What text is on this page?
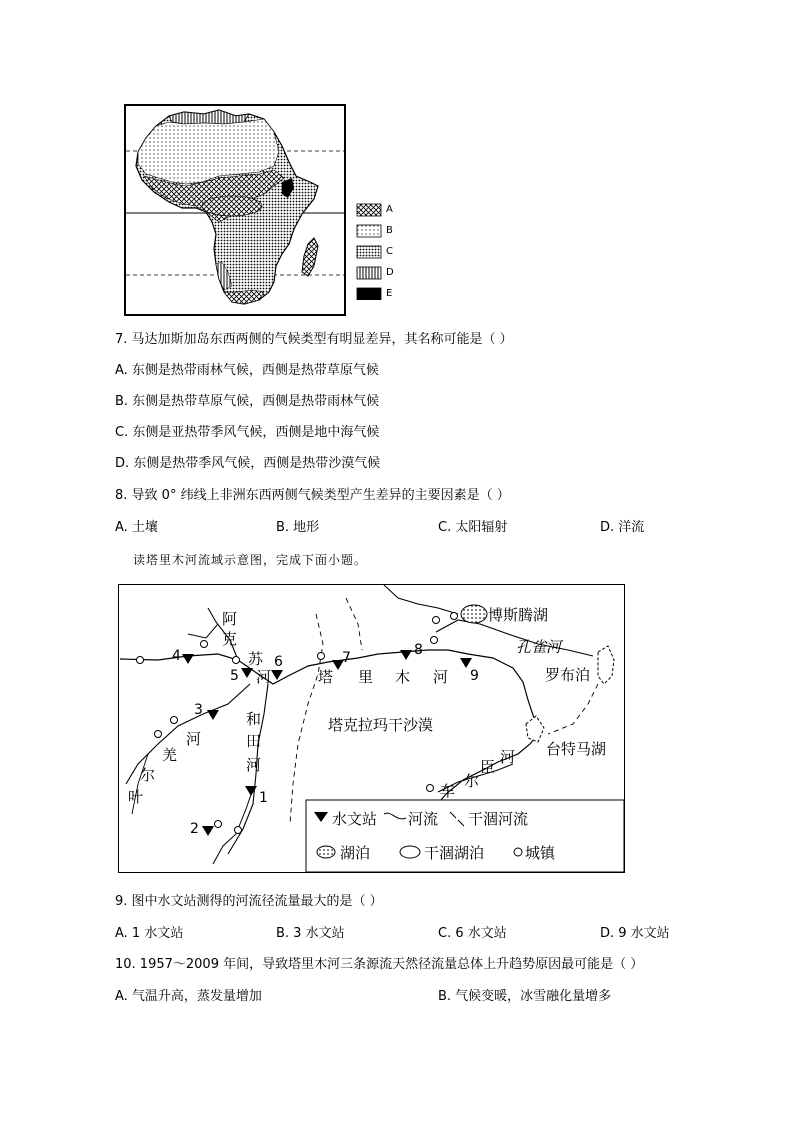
A
B
C
D
E
7. 马达加斯加岛东西两侧的气候类型有明显差异，其名称可能是（ ）
A. 东侧是热带雨林气候，西侧是热带草原气候
B. 东侧是热带草原气候，西侧是热带雨林气候
C. 东侧是亚热带季风气候，西侧是地中海气候
D. 东侧是热带季风气候，西侧是热带沙漠气候
8. 导致 0° 纬线上非洲东西两侧气候类型产生差异的主要因素是（ ）
A. 土壤	B. 地形	C. 太阳辐射	D. 洋流
读塔里木河流域示意图，完成下面小题。
1
2
3
4
5
6	7	8
9
博斯腾湖
孔雀河
罗布泊
台特马湖
塔克拉玛干沙漠
塔 里 木 河
阿
克
苏
河
和
田
河
叶
尔
羌
河
车
尔
臣
河
水文站 河流 干涸河流
湖泊	干涸湖泊	城镇
9. 图中水文站测得的河流径流量最大的是（ ）
A. 1 水文站	B. 3 水文站	C. 6 水文站	D. 9 水文站
10. 1957～2009 年间，导致塔里木河三条源流天然径流量总体上升趋势原因最可能是（ ）
A. 气温升高，蒸发量增加	B. 气候变暖，冰雪融化量增多
